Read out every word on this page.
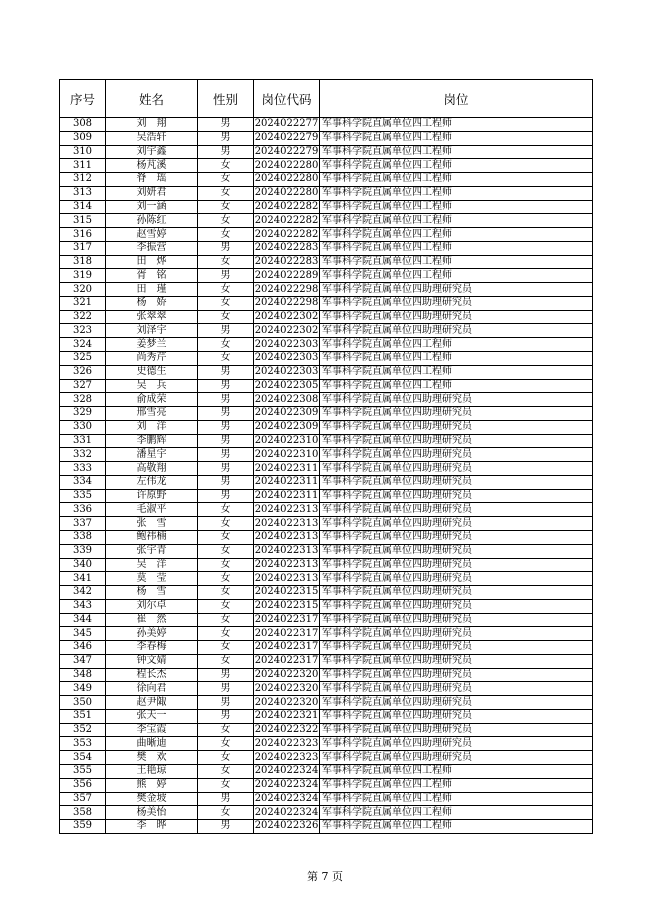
序号	姓名	性别	岗位代码	岗位
308	刘　翔	男	2024022277	军事科学院直属单位四工程师
309	吴浩轩	男	2024022279	军事科学院直属单位四工程师
310	刘宇鑫	男	2024022279	军事科学院直属单位四工程师
311	杨芃溪	女	2024022280	军事科学院直属单位四工程师
312	脊　瑶	女	2024022280	军事科学院直属单位四工程师
313	刘妍君	女	2024022280	军事科学院直属单位四工程师
314	刘一涵	女	2024022282	军事科学院直属单位四工程师
315	孙陈红	女	2024022282	军事科学院直属单位四工程师
316	赵雪婷	女	2024022282	军事科学院直属单位四工程师
317	李振营	男	2024022283	军事科学院直属单位四工程师
318	田　烨	女	2024022283	军事科学院直属单位四工程师
319	胥　铭	男	2024022289	军事科学院直属单位四工程师
320	田　瑾	女	2024022298	军事科学院直属单位四助理研究员
321	杨　娇	女	2024022298	军事科学院直属单位四助理研究员
322	张翠翠	女	2024022302	军事科学院直属单位四助理研究员
323	刘泽宇	男	2024022302	军事科学院直属单位四助理研究员
324	姜梦兰	女	2024022303	军事科学院直属单位四工程师
325	尚秀芹	女	2024022303	军事科学院直属单位四工程师
326	史德生	男	2024022303	军事科学院直属单位四工程师
327	吴　兵	男	2024022305	军事科学院直属单位四工程师
328	俞成荣	男	2024022308	军事科学院直属单位四助理研究员
329	邢雪亮	男	2024022309	军事科学院直属单位四助理研究员
330	刘　洋	男	2024022309	军事科学院直属单位四助理研究员
331	李鹏辉	男	2024022310	军事科学院直属单位四助理研究员
332	潘星宇	男	2024022310	军事科学院直属单位四助理研究员
333	高敬翔	男	2024022311	军事科学院直属单位四助理研究员
334	左伟龙	男	2024022311	军事科学院直属单位四助理研究员
335	许原野	男	2024022311	军事科学院直属单位四助理研究员
336	毛淑平	女	2024022313	军事科学院直属单位四助理研究员
337	张　雪	女	2024022313	军事科学院直属单位四助理研究员
338	鲍祎楠	女	2024022313	军事科学院直属单位四助理研究员
339	张宇青	女	2024022313	军事科学院直属单位四助理研究员
340	吴　洋	女	2024022313	军事科学院直属单位四助理研究员
341	莫　莹	女	2024022313	军事科学院直属单位四助理研究员
342	杨　雪	女	2024022315	军事科学院直属单位四助理研究员
343	刘尔卓	女	2024022315	军事科学院直属单位四助理研究员
344	崔　然	女	2024022317	军事科学院直属单位四助理研究员
345	孙美婷	女	2024022317	军事科学院直属单位四助理研究员
346	李春梅	女	2024022317	军事科学院直属单位四助理研究员
347	钟文婧	女	2024022317	军事科学院直属单位四助理研究员
348	程长杰	男	2024022320	军事科学院直属单位四助理研究员
349	徐向君	男	2024022320	军事科学院直属单位四助理研究员
350	赵尹陬	男	2024022320	军事科学院直属单位四助理研究员
351	张天一	男	2024022321	军事科学院直属单位四助理研究员
352	李宝霞	女	2024022322	军事科学院直属单位四助理研究员
353	曲晰迪	女	2024022323	军事科学院直属单位四助理研究员
354	樊　欢	女	2024022323	军事科学院直属单位四助理研究员
355	王艳琼	女	2024022324	军事科学院直属单位四工程师
356	熊　婷	女	2024022324	军事科学院直属单位四工程师
357	樊金坡	男	2024022324	军事科学院直属单位四工程师
358	杨美怡	女	2024022324	军事科学院直属单位四工程师
359	李　晔	男	2024022326	军事科学院直属单位四工程师
第 7 页
